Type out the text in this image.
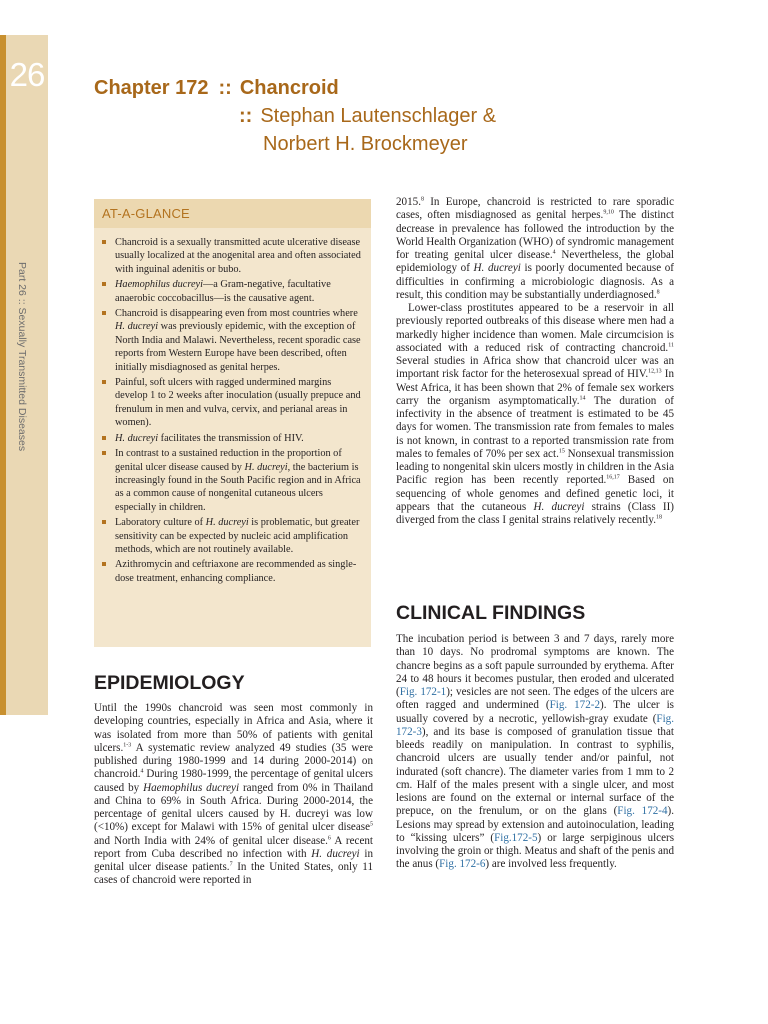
26
Part 26 :: Sexually Transmitted Diseases
Chapter 172 :: Chancroid
:: Stephan Lautenschlager &
Norbert H. Brockmeyer
AT-A-GLANCE
Chancroid is a sexually transmitted acute ulcerative disease usually localized at the anogenital area and often associated with inguinal adenitis or bubo.
Haemophilus ducreyi—a Gram-negative, facultative anaerobic coccobacillus—is the causative agent.
Chancroid is disappearing even from most countries where H. ducreyi was previously epidemic, with the exception of North India and Malawi. Nevertheless, recent sporadic case reports from Western Europe have been described, often initially misdiagnosed as genital herpes.
Painful, soft ulcers with ragged undermined margins develop 1 to 2 weeks after inoculation (usually prepuce and frenulum in men and vulva, cervix, and perianal areas in women).
H. ducreyi facilitates the transmission of HIV.
In contrast to a sustained reduction in the proportion of genital ulcer disease caused by H. ducreyi, the bacterium is increasingly found in the South Pacific region and in Africa as a common cause of nongenital cutaneous ulcers especially in children.
Laboratory culture of H. ducreyi is problematic, but greater sensitivity can be expected by nucleic acid amplification methods, which are not routinely available.
Azithromycin and ceftriaxone are recommended as single-dose treatment, enhancing compliance.
EPIDEMIOLOGY

Until the 1990s chancroid was seen most commonly in developing countries, especially in Africa and Asia, where it was isolated from more than 50% of patients with genital ulcers.$^{1-3}$ A systematic review analyzed 49 studies (35 were published during 1980-1999 and 14 during 2000-2014) on chancroid.$^4$ During 1980-1999, the percentage of genital ulcers caused by Haemophilus ducreyi ranged from 0% in Thailand and China to 69% in South Africa. During 2000-2014, the percentage of genital ulcers caused by H. ducreyi was low (<10%) except for Malawi with 15% of genital ulcer disease$^5$ and North India with 24% of genital ulcer disease.$^6$ A recent report from Cuba described no infection with H. ducreyi in genital ulcer disease patients.$^7$ In the United States, only 11 cases of chancroid were reported in

2015.$^8$ In Europe, chancroid is restricted to rare sporadic cases, often misdiagnosed as genital herpes.$^{9,10}$ The distinct decrease in prevalence has followed the introduction by the World Health Organization (WHO) of syndromic management for treating genital ulcer disease.$^4$ Nevertheless, the global epidemiology of H. ducreyi is poorly documented because of difficulties in confirming a microbiologic diagnosis. As a result, this condition may be substantially underdiagnosed.$^8$

Lower-class prostitutes appeared to be a reservoir in all previously reported outbreaks of this disease where men had a markedly higher incidence than women. Male circumcision is associated with a reduced risk of contracting chancroid.$^{11}$ Several studies in Africa show that chancroid ulcer was an important risk factor for the heterosexual spread of HIV.$^{12,13}$ In West Africa, it has been shown that 2% of female sex workers carry the organism asymptomatically.$^{14}$ The duration of infectivity in the absence of treatment is estimated to be 45 days for women. The transmission rate from females to males is not known, in contrast to a reported transmission rate from males to females of 70% per sex act.$^{15}$ Nonsexual transmission leading to nongenital skin ulcers mostly in children in the Asia Pacific region has been recently reported.$^{16,17}$ Based on sequencing of whole genomes and defined genetic loci, it appears that the cutaneous H. ducreyi strains (Class II) diverged from the class I genital strains relatively recently.$^{18}$

CLINICAL FINDINGS

The incubation period is between 3 and 7 days, rarely more than 10 days. No prodromal symptoms are known. The chancre begins as a soft papule surrounded by erythema. After 24 to 48 hours it becomes pustular, then eroded and ulcerated (Fig. 172-1); vesicles are not seen. The edges of the ulcers are often ragged and undermined (Fig. 172-2). The ulcer is usually covered by a necrotic, yellowish-gray exudate (Fig. 172-3), and its base is composed of granulation tissue that bleeds readily on manipulation. In contrast to syphilis, chancroid ulcers are usually tender and/or painful, not indurated (soft chancre). The diameter varies from 1 mm to 2 cm. Half of the males present with a single ulcer, and most lesions are found on the external or internal surface of the prepuce, on the frenulum, or on the glans (Fig. 172-4). Lesions may spread by extension and autoinoculation, leading to “kissing ulcers” (Fig.172-5) or large serpiginous ulcers involving the groin or thigh. Meatus and shaft of the penis and the anus (Fig. 172-6) are involved less frequently.
